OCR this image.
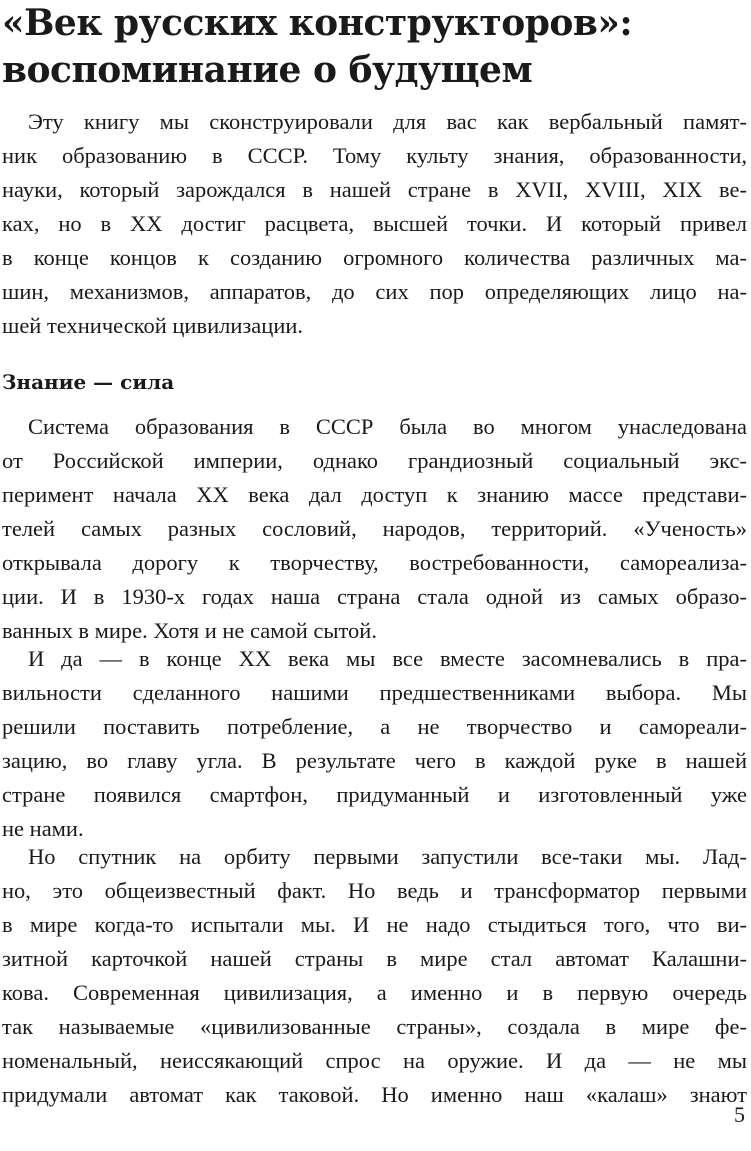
«Век русских конструкторов»:
воспоминание о будущем
Эту книгу мы сконструировали для вас как вербальный памят-
ник образованию в СССР. Тому культу знания, образованности,
науки, который зарождался в нашей стране в XVII, XVIII, XIX ве-
ках, но в XX достиг расцвета, высшей точки. И который привел
в конце концов к созданию огромного количества различных ма-
шин, механизмов, аппаратов, до сих пор определяющих лицо на-
шей технической цивилизации.
Знание — сила
Система образования в СССР была во многом унаследована
от Российской империи, однако грандиозный социальный экс-
перимент начала XX века дал доступ к знанию массе представи-
телей самых разных сословий, народов, территорий. «Ученость»
открывала дорогу к творчеству, востребованности, самореализа-
ции. И в 1930-х годах наша страна стала одной из самых образо-
ванных в мире. Хотя и не самой сытой.
И да — в конце XX века мы все вместе засомневались в пра-
вильности сделанного нашими предшественниками выбора. Мы
решили поставить потребление, а не творчество и самореали-
зацию, во главу угла. В результате чего в каждой руке в нашей
стране появился смартфон, придуманный и изготовленный уже
не нами.
Но спутник на орбиту первыми запустили все-таки мы. Лад-
но, это общеизвестный факт. Но ведь и трансформатор первыми
в мире когда-то испытали мы. И не надо стыдиться того, что ви-
зитной карточкой нашей страны в мире стал автомат Калашни-
кова. Современная цивилизация, а именно и в первую очередь
так называемые «цивилизованные страны», создала в мире фе-
номенальный, неиссякающий спрос на оружие. И да — не мы
придумали автомат как таковой. Но именно наш «калаш» знают
5
